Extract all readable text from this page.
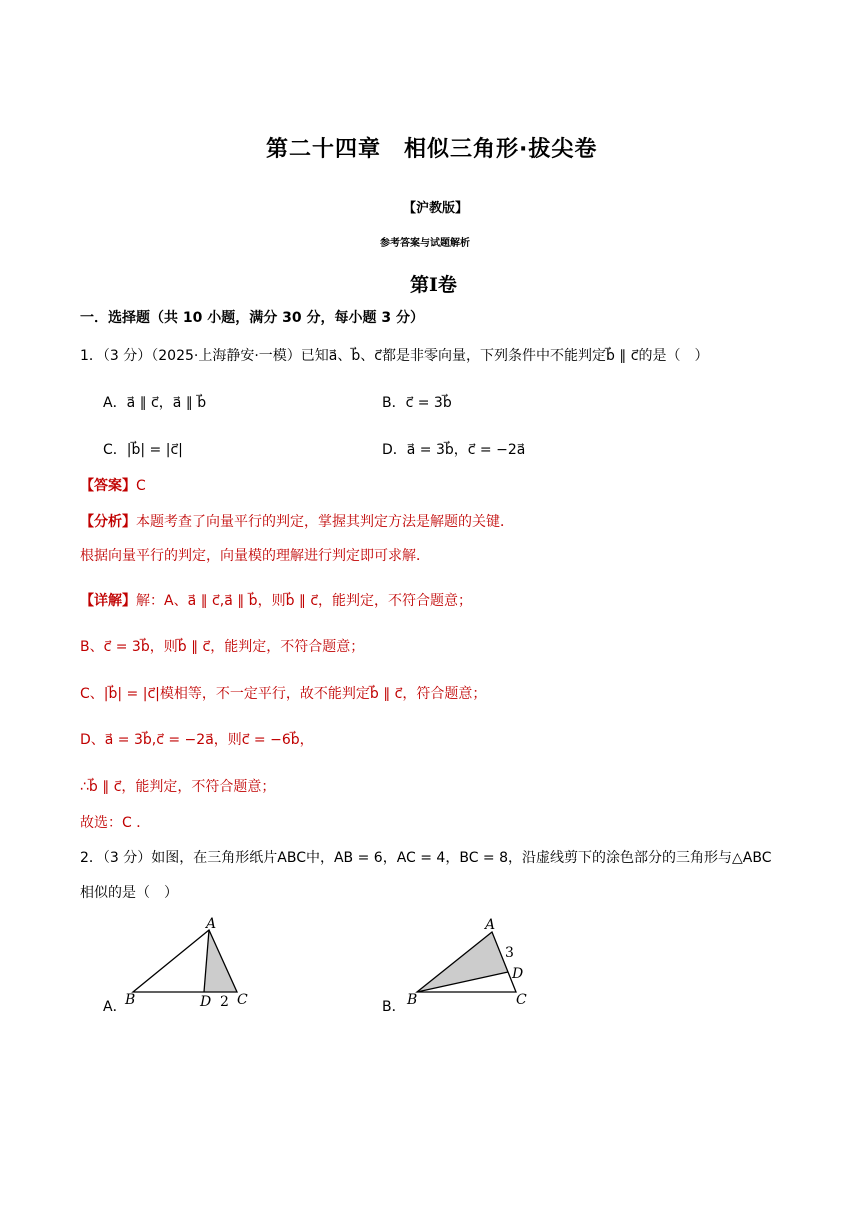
第二十四章　相似三角形·拔尖卷
【沪教版】
参考答案与试题解析
第Ⅰ卷
一．选择题（共 10 小题，满分 30 分，每小题 3 分）
1．（3 分）（2025·上海静安·一模）已知a⃗、b⃗、c⃗都是非零向量，下列条件中不能判定b⃗ ∥ c⃗的是（　）
A．a⃗ ∥ c⃗，a⃗ ∥ b⃗	B．c⃗ = 3b⃗
C．|b⃗| = |c⃗|	D．a⃗ = 3b⃗，c⃗ = −2a⃗
【答案】C
【分析】本题考查了向量平行的判定，掌握其判定方法是解题的关键．
根据向量平行的判定，向量模的理解进行判定即可求解．
【详解】解：A、a⃗ ∥ c⃗,a⃗ ∥ b⃗，则b⃗ ∥ c⃗，能判定，不符合题意；
B、c⃗ = 3b⃗，则b⃗ ∥ c⃗，能判定，不符合题意；
C、|b⃗| = |c⃗|模相等，不一定平行，故不能判定b⃗ ∥ c⃗，符合题意；
D、a⃗ = 3b⃗,c⃗ = −2a⃗，则c⃗ = −6b⃗，
∴b⃗ ∥ c⃗，能判定，不符合题意；
故选：C ．
2．（3 分）如图，在三角形纸片ABC中，AB = 6，AC = 4，BC = 8，沿虚线剪下的涂色部分的三角形与△ABC
相似的是（　）
A．	B．
A
B	D 2 C
A
3
D
B	C
